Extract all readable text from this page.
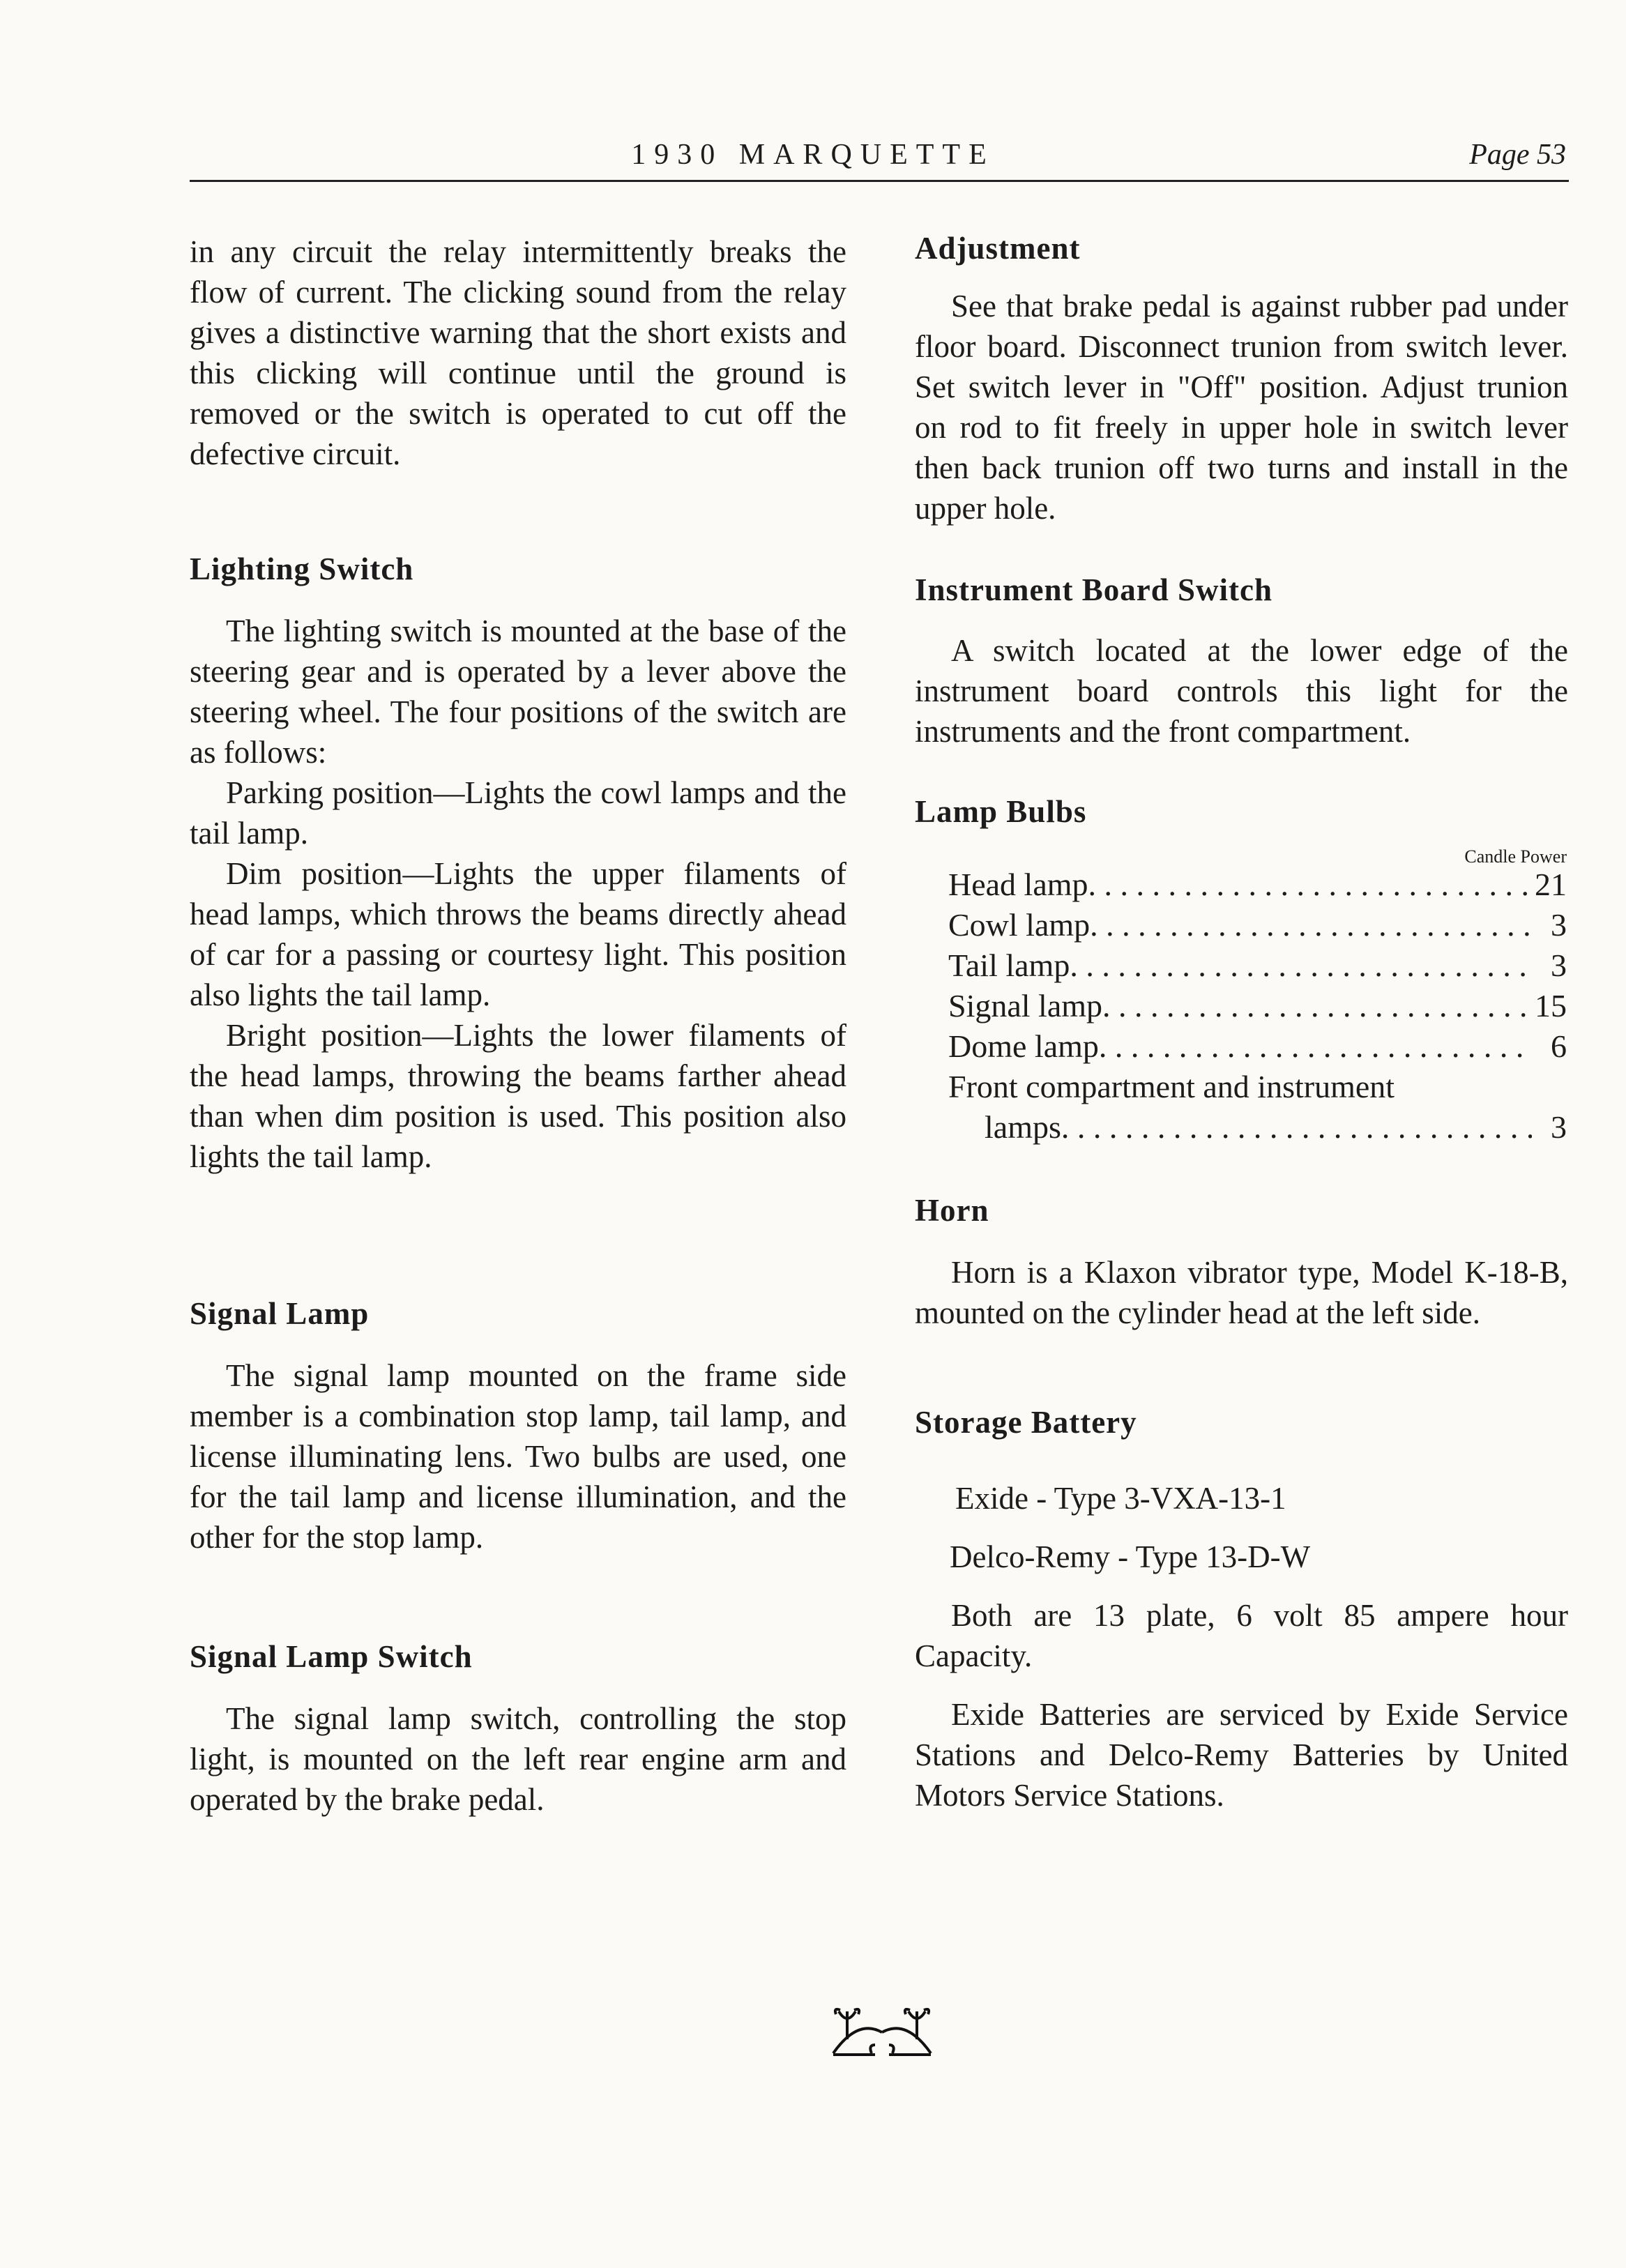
1930 MARQUETTE	Page 53

in any circuit the relay intermittently breaks the flow of current. The clicking sound from the relay gives a distinctive warning that the short exists and this clicking will continue until the ground is removed or the switch is operated to cut off the defective circuit.

Lighting Switch

The lighting switch is mounted at the base of the steering gear and is operated by a lever above the steering wheel. The four positions of the switch are as follows:

Parking position—Lights the cowl lamps and the tail lamp.

Dim position—Lights the upper filaments of head lamps, which throws the beams directly ahead of car for a passing or courtesy light. This position also lights the tail lamp.

Bright position—Lights the lower filaments of the head lamps, throwing the beams farther ahead than when dim position is used. This position also lights the tail lamp.

Signal Lamp

The signal lamp mounted on the frame side member is a combination stop lamp, tail lamp, and license illuminating lens. Two bulbs are used, one for the tail lamp and license illumination, and the other for the stop lamp.

Signal Lamp Switch

The signal lamp switch, controlling the stop light, is mounted on the left rear engine arm and operated by the brake pedal.

Adjustment

See that brake pedal is against rubber pad under floor board. Disconnect trunion from switch lever. Set switch lever in "Off" position. Adjust trunion on rod to fit freely in upper hole in switch lever then back trunion off two turns and install in the upper hole.

Instrument Board Switch

A switch located at the lower edge of the instrument board controls this light for the instruments and the front compartment.

Lamp Bulbs
Candle Power
Head lamp . . .	21
Cowl lamp . . .	3
Tail lamp . . .	3
Signal lamp . . .	15
Dome lamp . . .	6
Front compartment and instrument
lamps . . .	3
Horn

Horn is a Klaxon vibrator type, Model K-18-B, mounted on the cylinder head at the left side.

Storage Battery

Exide - Type 3-VXA-13-1

Delco-Remy - Type 13-D-W

Both are 13 plate, 6 volt 85 ampere hour Capacity.

Exide Batteries are serviced by Exide Service Stations and Delco-Remy Batteries by United Motors Service Stations.
